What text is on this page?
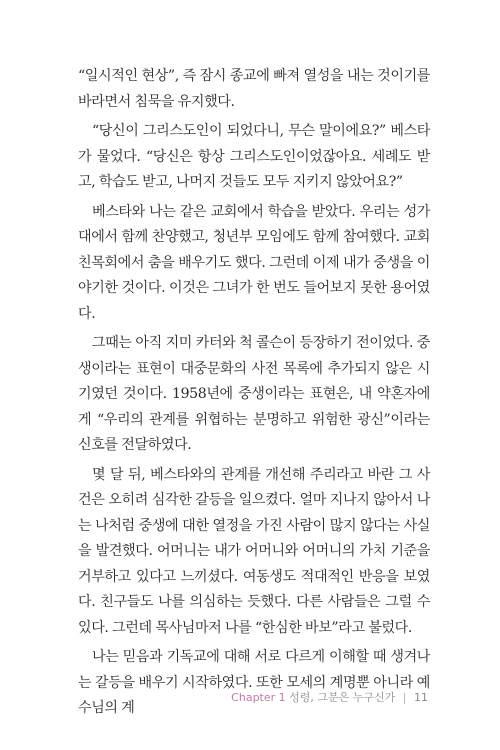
“일시적인 현상”, 즉 잠시 종교에 빠져 열성을 내는 것이기를 바라면서 침묵을 유지했다.

“당신이 그리스도인이 되었다니, 무슨 말이에요?” 베스타가 물었다. “당신은 항상 그리스도인이었잖아요. 세례도 받고, 학습도 받고, 나머지 것들도 모두 지키지 않았어요?”

베스타와 나는 같은 교회에서 학습을 받았다. 우리는 성가대에서 함께 찬양했고, 청년부 모임에도 함께 참여했다. 교회 친목회에서 춤을 배우기도 했다. 그런데 이제 내가 중생을 이야기한 것이다. 이것은 그녀가 한 번도 들어보지 못한 용어였다.

그때는 아직 지미 카터와 척 콜슨이 등장하기 전이었다. 중생이라는 표현이 대중문화의 사전 목록에 추가되지 않은 시기였던 것이다. 1958년에 중생이라는 표현은, 내 약혼자에게 “우리의 관계를 위협하는 분명하고 위험한 광신”이라는 신호를 전달하였다.

몇 달 뒤, 베스타와의 관계를 개선해 주리라고 바란 그 사건은 오히려 심각한 갈등을 일으켰다. 얼마 지나지 않아서 나는 나처럼 중생에 대한 열정을 가진 사람이 많지 않다는 사실을 발견했다. 어머니는 내가 어머니와 어머니의 가치 기준을 거부하고 있다고 느끼셨다. 여동생도 적대적인 반응을 보였다. 친구들도 나를 의심하는 듯했다. 다른 사람들은 그럴 수 있다. 그런데 목사님마저 나를 “한심한 바보”라고 불렀다.

나는 믿음과 기독교에 대해 서로 다르게 이해할 때 생겨나는 갈등을 배우기 시작하였다. 또한 모세의 계명뿐 아니라 예수님의 계

Chapter 1 성령, 그분은 누구신가 | 11
